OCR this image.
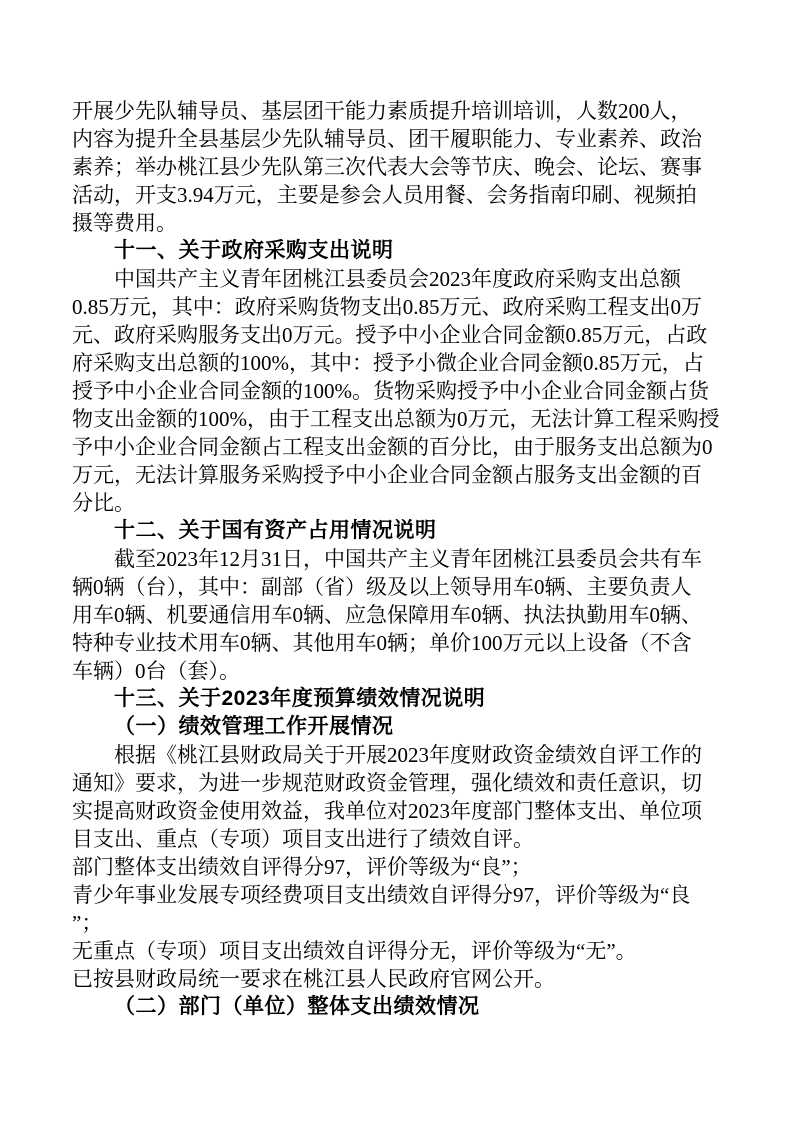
开展少先队辅导员、基层团干能力素质提升培训培训，人数200人，
内容为提升全县基层少先队辅导员、团干履职能力、专业素养、政治
素养；举办桃江县少先队第三次代表大会等节庆、晚会、论坛、赛事
活动，开支3.94万元，主要是参会人员用餐、会务指南印刷、视频拍
摄等费用。
十一、关于政府采购支出说明
中国共产主义青年团桃江县委员会2023年度政府采购支出总额
0.85万元，其中：政府采购货物支出0.85万元、政府采购工程支出0万
元、政府采购服务支出0万元。授予中小企业合同金额0.85万元，占政
府采购支出总额的100%，其中：授予小微企业合同金额0.85万元，占
授予中小企业合同金额的100%。货物采购授予中小企业合同金额占货
物支出金额的100%，由于工程支出总额为0万元，无法计算工程采购授
予中小企业合同金额占工程支出金额的百分比，由于服务支出总额为0
万元，无法计算服务采购授予中小企业合同金额占服务支出金额的百
分比。
十二、关于国有资产占用情况说明
截至2023年12月31日，中国共产主义青年团桃江县委员会共有车
辆0辆（台），其中：副部（省）级及以上领导用车0辆、主要负责人
用车0辆、机要通信用车0辆、应急保障用车0辆、执法执勤用车0辆、
特种专业技术用车0辆、其他用车0辆；单价100万元以上设备（不含
车辆）0台（套）。
十三、关于2023年度预算绩效情况说明
（一）绩效管理工作开展情况
根据《桃江县财政局关于开展2023年度财政资金绩效自评工作的
通知》要求，为进一步规范财政资金管理，强化绩效和责任意识，切
实提高财政资金使用效益，我单位对2023年度部门整体支出、单位项
目支出、重点（专项）项目支出进行了绩效自评。
部门整体支出绩效自评得分97，评价等级为“良”；
青少年事业发展专项经费项目支出绩效自评得分97，评价等级为“良
”；
无重点（专项）项目支出绩效自评得分无，评价等级为“无”。
已按县财政局统一要求在桃江县人民政府官网公开。
（二）部门（单位）整体支出绩效情况
